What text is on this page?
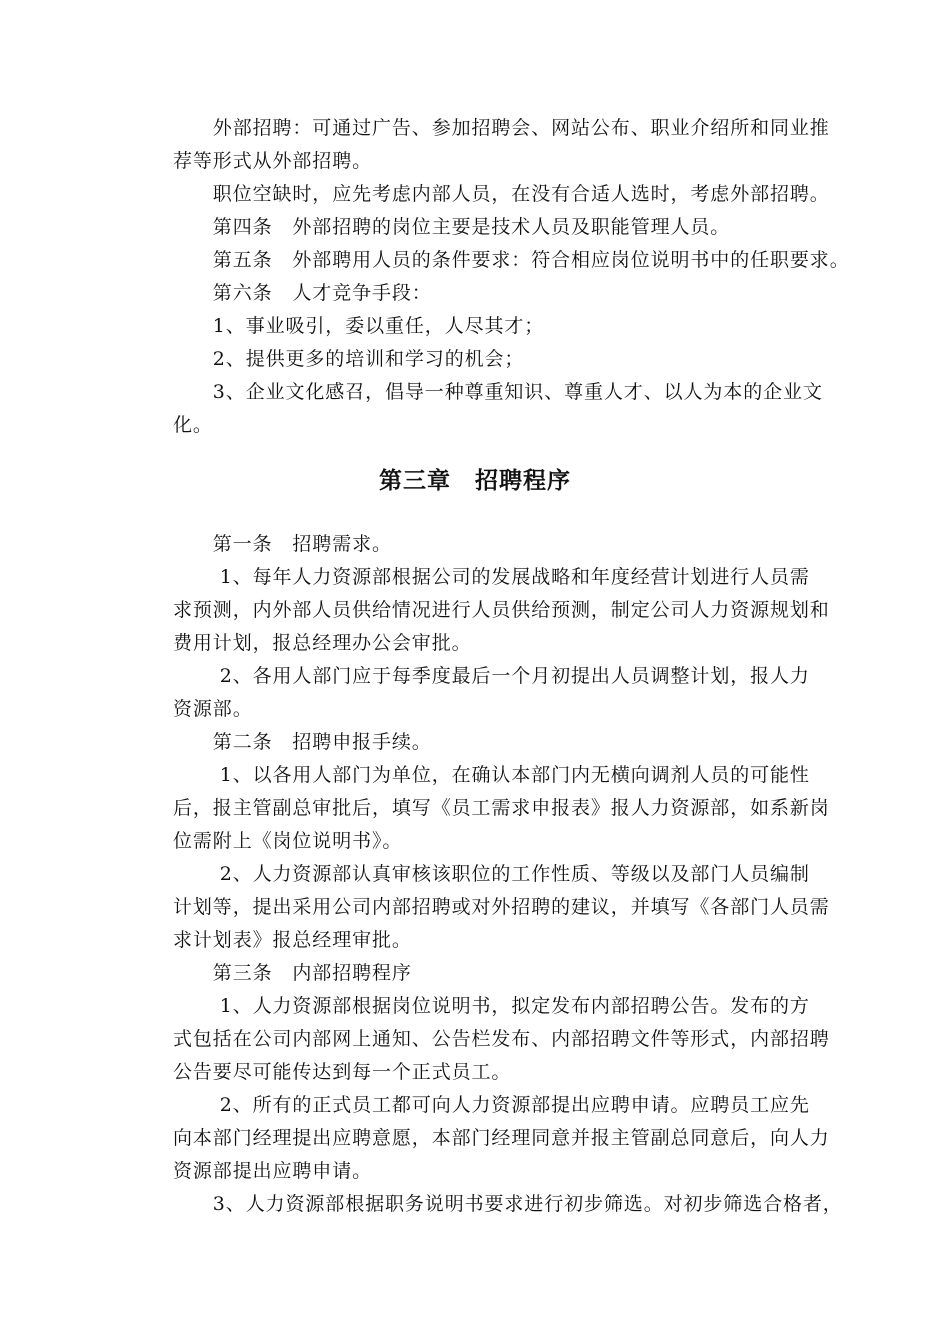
　　外部招聘：可通过广告、参加招聘会、网站公布、职业介绍所和同业推
荐等形式从外部招聘。
　　职位空缺时，应先考虑内部人员，在没有合适人选时，考虑外部招聘。
　　第四条　外部招聘的岗位主要是技术人员及职能管理人员。
　　第五条　外部聘用人员的条件要求：符合相应岗位说明书中的任职要求。
　　第六条　人才竞争手段：
　　1、事业吸引，委以重任，人尽其才；
　　2、提供更多的培训和学习的机会；
　　3、企业文化感召，倡导一种尊重知识、尊重人才、以人为本的企业文
化。
第三章　招聘程序
　　第一条　招聘需求。
　　 1、每年人力资源部根据公司的发展战略和年度经营计划进行人员需
求预测，内外部人员供给情况进行人员供给预测，制定公司人力资源规划和
费用计划，报总经理办公会审批。
　　 2、各用人部门应于每季度最后一个月初提出人员调整计划，报人力
资源部。
　　第二条　招聘申报手续。
　　 1、以各用人部门为单位，在确认本部门内无横向调剂人员的可能性
后，报主管副总审批后，填写《员工需求申报表》报人力资源部，如系新岗
位需附上《岗位说明书》。
　　 2、人力资源部认真审核该职位的工作性质、等级以及部门人员编制
计划等，提出采用公司内部招聘或对外招聘的建议，并填写《各部门人员需
求计划表》报总经理审批。
　　第三条　内部招聘程序
　　 1、人力资源部根据岗位说明书，拟定发布内部招聘公告。发布的方
式包括在公司内部网上通知、公告栏发布、内部招聘文件等形式，内部招聘
公告要尽可能传达到每一个正式员工。
　　 2、所有的正式员工都可向人力资源部提出应聘申请。应聘员工应先
向本部门经理提出应聘意愿，本部门经理同意并报主管副总同意后，向人力
资源部提出应聘申请。
　　3、人力资源部根据职务说明书要求进行初步筛选。对初步筛选合格者，
